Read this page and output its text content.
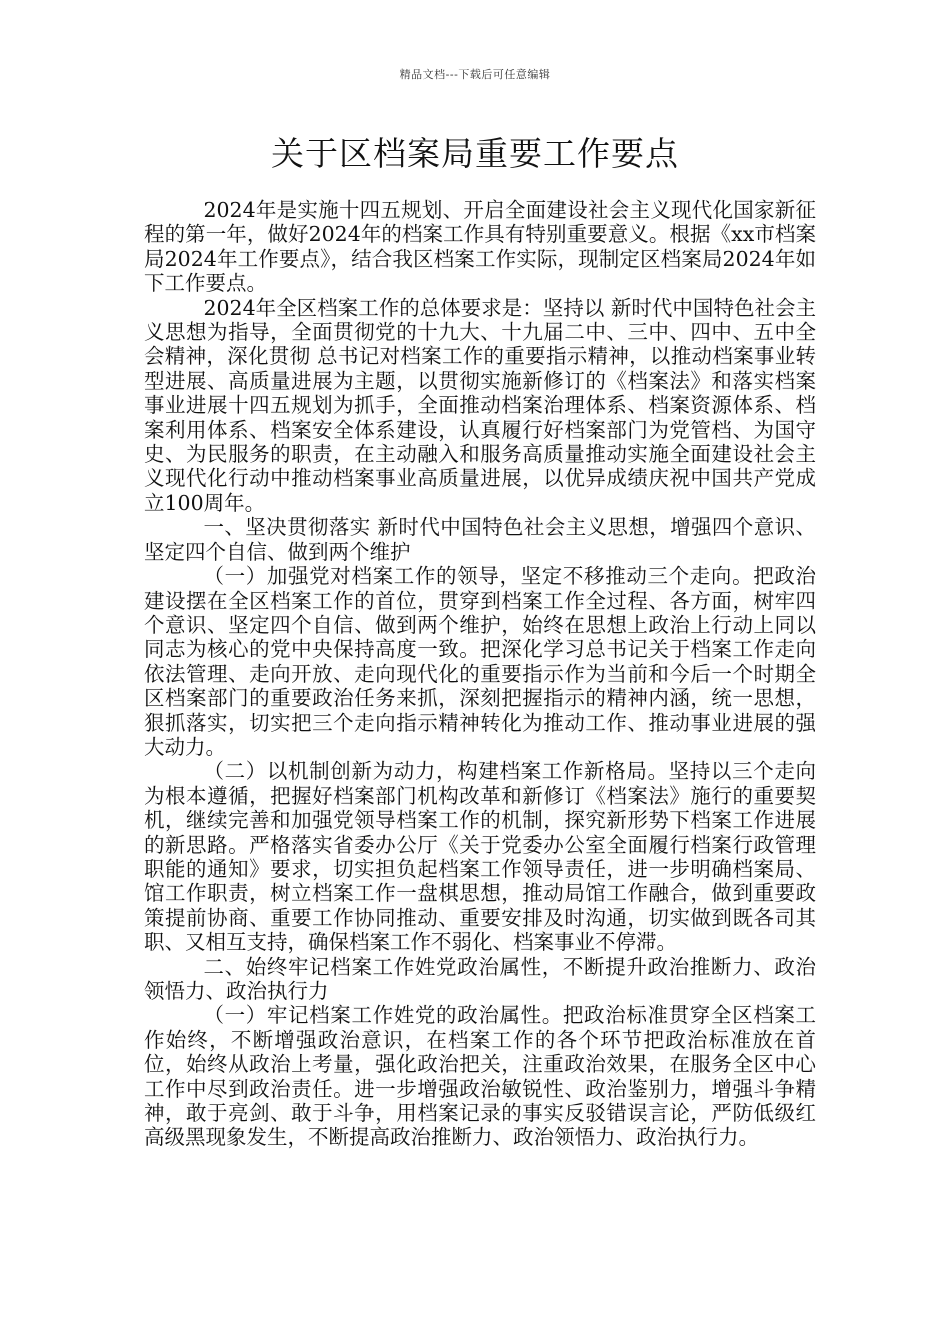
精品文档---下载后可任意编辑
关于区档案局重要工作要点

2024年是实施十四五规划、开启全面建设社会主义现代化国家新征程的第一年，做好2024年的档案工作具有特别重要意义。根据《xx市档案局2024年工作要点》，结合我区档案工作实际，现制定区档案局2024年如下工作要点。

2024年全区档案工作的总体要求是：坚持以 新时代中国特色社会主义思想为指导，全面贯彻党的十九大、十九届二中、三中、四中、五中全会精神，深化贯彻 总书记对档案工作的重要指示精神，以推动档案事业转型进展、高质量进展为主题，以贯彻实施新修订的《档案法》和落实档案事业进展十四五规划为抓手，全面推动档案治理体系、档案资源体系、档案利用体系、档案安全体系建设，认真履行好档案部门为党管档、为国守史、为民服务的职责，在主动融入和服务高质量推动实施全面建设社会主义现代化行动中推动档案事业高质量进展，以优异成绩庆祝中国共产党成立100周年。

一、坚决贯彻落实 新时代中国特色社会主义思想，增强四个意识、坚定四个自信、做到两个维护

（一）加强党对档案工作的领导，坚定不移推动三个走向。把政治建设摆在全区档案工作的首位，贯穿到档案工作全过程、各方面，树牢四个意识、坚定四个自信、做到两个维护，始终在思想上政治上行动上同以 同志为核心的党中央保持高度一致。把深化学习总书记关于档案工作走向依法管理、走向开放、走向现代化的重要指示作为当前和今后一个时期全区档案部门的重要政治任务来抓，深刻把握指示的精神内涵，统一思想，狠抓落实，切实把三个走向指示精神转化为推动工作、推动事业进展的强大动力。

（二）以机制创新为动力，构建档案工作新格局。坚持以三个走向为根本遵循，把握好档案部门机构改革和新修订《档案法》施行的重要契机，继续完善和加强党领导档案工作的机制，探究新形势下档案工作进展的新思路。严格落实省委办公厅《关于党委办公室全面履行档案行政管理职能的通知》要求，切实担负起档案工作领导责任，进一步明确档案局、馆工作职责，树立档案工作一盘棋思想，推动局馆工作融合，做到重要政策提前协商、重要工作协同推动、重要安排及时沟通，切实做到既各司其职、又相互支持，确保档案工作不弱化、档案事业不停滞。

二、始终牢记档案工作姓党政治属性，不断提升政治推断力、政治领悟力、政治执行力

（一）牢记档案工作姓党的政治属性。把政治标准贯穿全区档案工作始终，不断增强政治意识，在档案工作的各个环节把政治标准放在首位，始终从政治上考量，强化政治把关，注重政治效果，在服务全区中心工作中尽到政治责任。进一步增强政治敏锐性、政治鉴别力，增强斗争精神，敢于亮剑、敢于斗争，用档案记录的事实反驳错误言论，严防低级红高级黑现象发生，不断提高政治推断力、政治领悟力、政治执行力。
